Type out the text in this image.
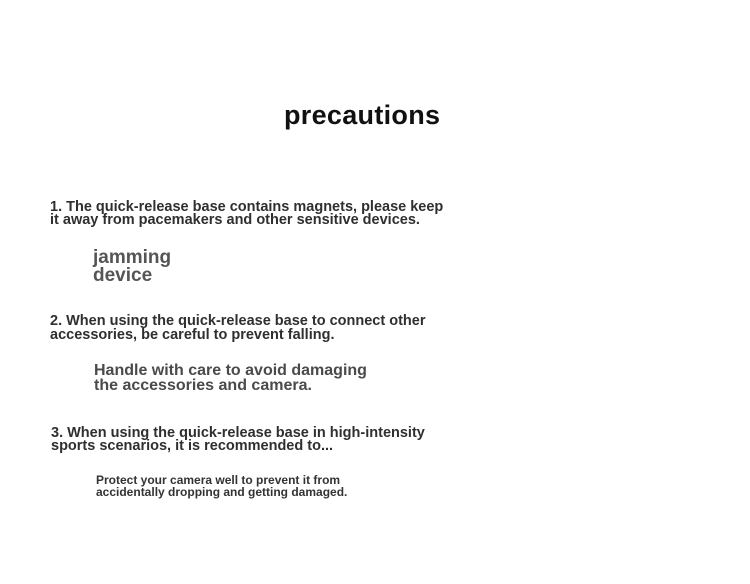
precautions
1. The quick-release base contains magnets, please keep
it away from pacemakers and other sensitive devices.
jamming
device
2. When using the quick-release base to connect other
accessories, be careful to prevent falling.
Handle with care to avoid damaging
the accessories and camera.
3. When using the quick-release base in high-intensity
sports scenarios, it is recommended to...
Protect your camera well to prevent it from
accidentally dropping and getting damaged.
